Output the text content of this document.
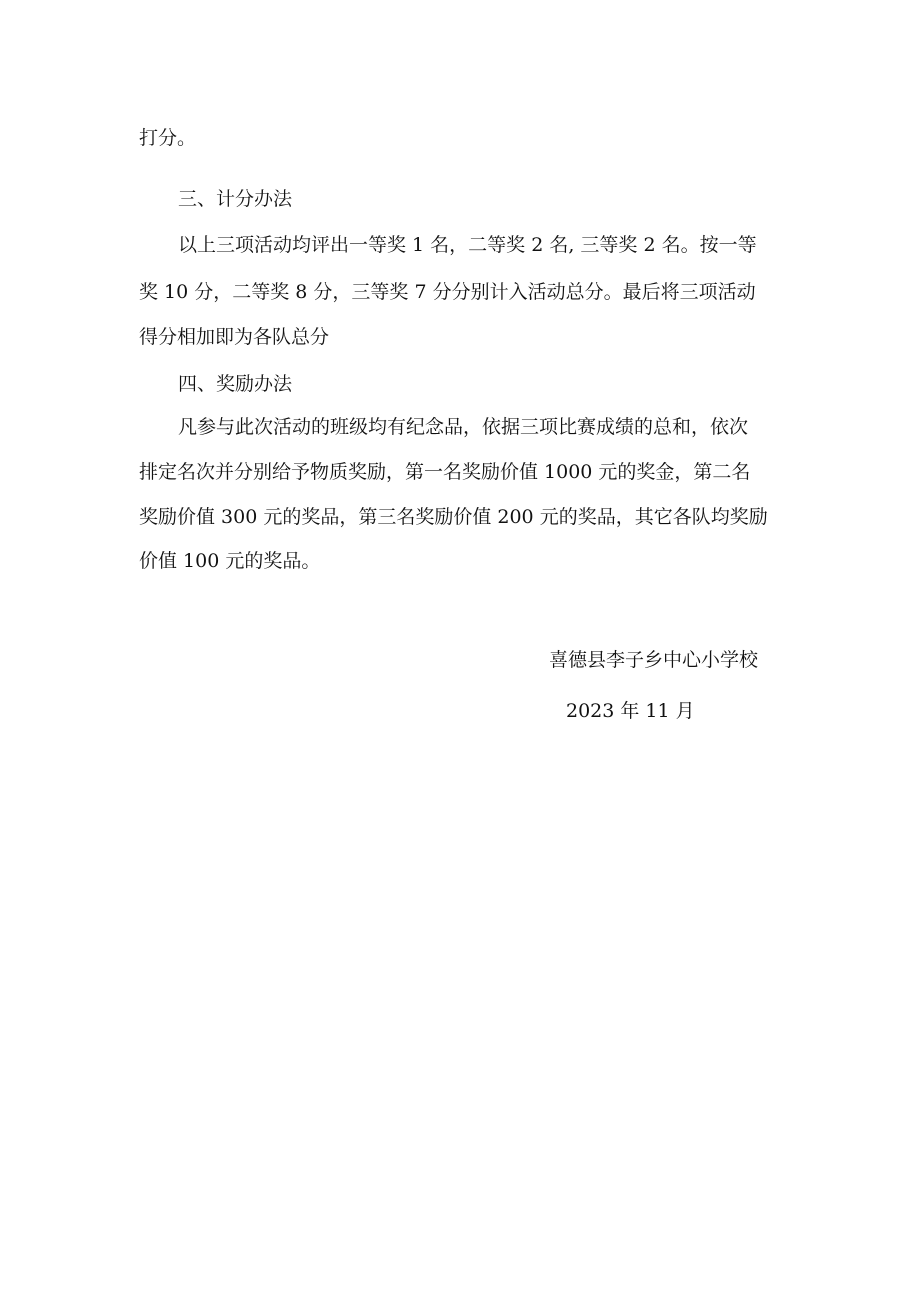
打分。
三、计分办法
以上三项活动均评出一等奖 1 名，二等奖 2 名, 三等奖 2 名。按一等
奖 10 分，二等奖 8 分，三等奖 7 分分别计入活动总分。最后将三项活动
得分相加即为各队总分
四、奖励办法
凡参与此次活动的班级均有纪念品，依据三项比赛成绩的总和，依次
排定名次并分别给予物质奖励，第一名奖励价值 1000 元的奖金，第二名
奖励价值 300 元的奖品，第三名奖励价值 200 元的奖品，其它各队均奖励
价值 100 元的奖品。
喜德县李子乡中心小学校
2023 年 11 月
